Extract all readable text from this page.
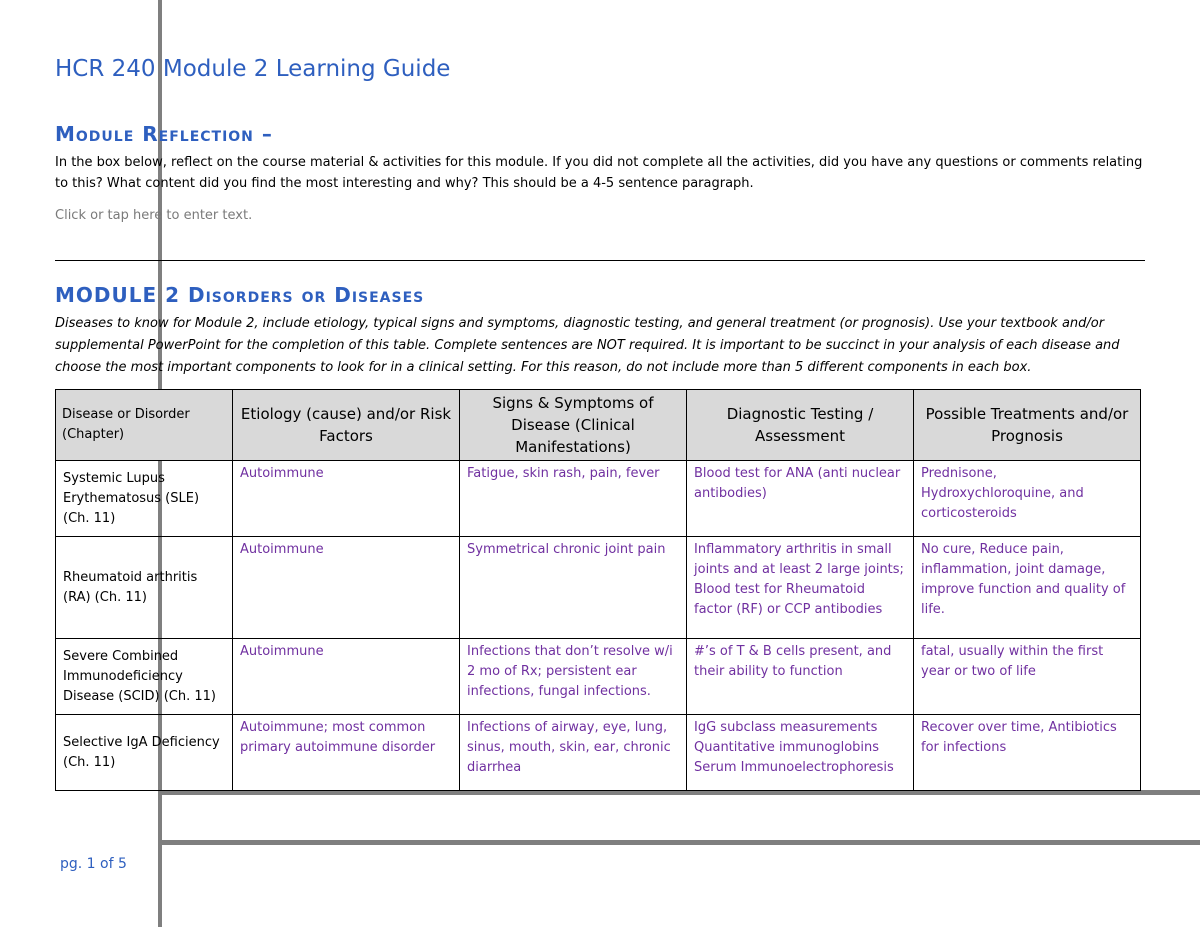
HCR 240 Module 2 Learning Guide
Module Reflection –
In the box below, reflect on the course material & activities for this module. If you did not complete all the activities, did you have any questions or comments relating to this? What content did you find the most interesting and why? This should be a 4-5 sentence paragraph.
Click or tap here to enter text.
MODULE 2 Disorders or Diseases
Diseases to know for Module 2, include etiology, typical signs and symptoms, diagnostic testing, and general treatment (or prognosis). Use your textbook and/or supplemental PowerPoint for the completion of this table. Complete sentences are NOT required. It is important to be succinct in your analysis of each disease and choose the most important components to look for in a clinical setting. For this reason, do not include more than 5 different components in each box.
Disease or Disorder (Chapter)	Etiology (cause) and/or Risk Factors	Signs & Symptoms of Disease (Clinical Manifestations)	Diagnostic Testing / Assessment	Possible Treatments and/or Prognosis
Systemic Lupus Erythematosus (SLE) (Ch. 11)	Autoimmune	Fatigue, skin rash, pain, fever	Blood test for ANA (anti nuclear antibodies)	Prednisone, Hydroxychloroquine, and corticosteroids
Rheumatoid arthritis (RA) (Ch. 11)	Autoimmune	Symmetrical chronic joint pain	Inflammatory arthritis in small joints and at least 2 large joints; Blood test for Rheumatoid factor (RF) or CCP antibodies	No cure, Reduce pain, inflammation, joint damage, improve function and quality of life.
Severe Combined Immunodeficiency Disease (SCID) (Ch. 11)	Autoimmune	Infections that don’t resolve w/i 2 mo of Rx; persistent ear infections, fungal infections.	#’s of T & B cells present, and their ability to function	fatal, usually within the first year or two of life
Selective IgA Deficiency (Ch. 11)	Autoimmune; most common primary autoimmune disorder	Infections of airway, eye, lung, sinus, mouth, skin, ear, chronic diarrhea	IgG subclass measurements Quantitative immunoglobins Serum Immunoelectrophoresis	Recover over time, Antibiotics for infections
pg. 1 of 5
